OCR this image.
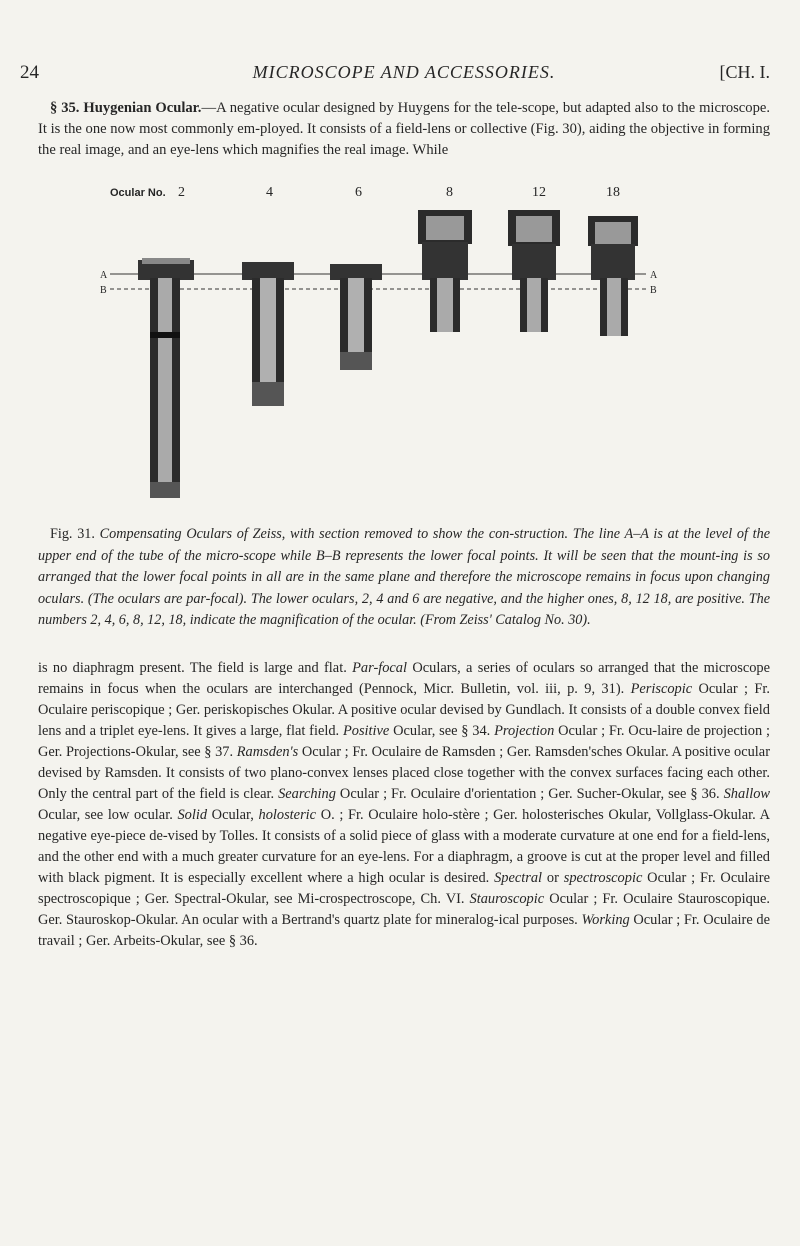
24	MICROSCOPE AND ACCESSORIES.	[CH. I.

§ 35. Huygenian Ocular.—A negative ocular designed by Huygens for the tele-scope, but adapted also to the microscope. It is the one now most commonly em-ployed. It consists of a field-lens or collective (Fig. 30), aiding the objective in forming the real image, and an eye-lens which magnifies the real image. While

Ocular No. 2	4	6	8	12	18
A
B
A
B

Fig. 31. Compensating Oculars of Zeiss, with section removed to show the con-struction. The line A–A is at the level of the upper end of the tube of the micro-scope while B–B represents the lower focal points. It will be seen that the mount-ing is so arranged that the lower focal points in all are in the same plane and therefore the microscope remains in focus upon changing oculars. (The oculars are par-focal). The lower oculars, 2, 4 and 6 are negative, and the higher ones, 8, 12 18, are positive. The numbers 2, 4, 6, 8, 12, 18, indicate the magnification of the ocular. (From Zeiss' Catalog No. 30).

is no diaphragm present. The field is large and flat. Par-focal Oculars, a series of oculars so arranged that the microscope remains in focus when the oculars are interchanged (Pennock, Micr. Bulletin, vol. iii, p. 9, 31). Periscopic Ocular ; Fr. Oculaire periscopique ; Ger. periskopisches Okular. A positive ocular devised by Gundlach. It consists of a double convex field lens and a triplet eye-lens. It gives a large, flat field. Positive Ocular, see § 34. Projection Ocular ; Fr. Ocu-laire de projection ; Ger. Projections-Okular, see § 37. Ramsden's Ocular ; Fr. Oculaire de Ramsden ; Ger. Ramsden'sches Okular. A positive ocular devised by Ramsden. It consists of two plano-convex lenses placed close together with the convex surfaces facing each other. Only the central part of the field is clear. Searching Ocular ; Fr. Oculaire d'orientation ; Ger. Sucher-Okular, see § 36. Shallow Ocular, see low ocular. Solid Ocular, holosteric O. ; Fr. Oculaire holo-stère ; Ger. holosterisches Okular, Vollglass-Okular. A negative eye-piece de-vised by Tolles. It consists of a solid piece of glass with a moderate curvature at one end for a field-lens, and the other end with a much greater curvature for an eye-lens. For a diaphragm, a groove is cut at the proper level and filled with black pigment. It is especially excellent where a high ocular is desired. Spectral or spectroscopic Ocular ; Fr. Oculaire spectroscopique ; Ger. Spectral-Okular, see Mi-crospectroscope, Ch. VI. Stauroscopic Ocular ; Fr. Oculaire Stauroscopique. Ger. Stauroskop-Okular. An ocular with a Bertrand's quartz plate for mineralog-ical purposes. Working Ocular ; Fr. Oculaire de travail ; Ger. Arbeits-Okular, see § 36.
